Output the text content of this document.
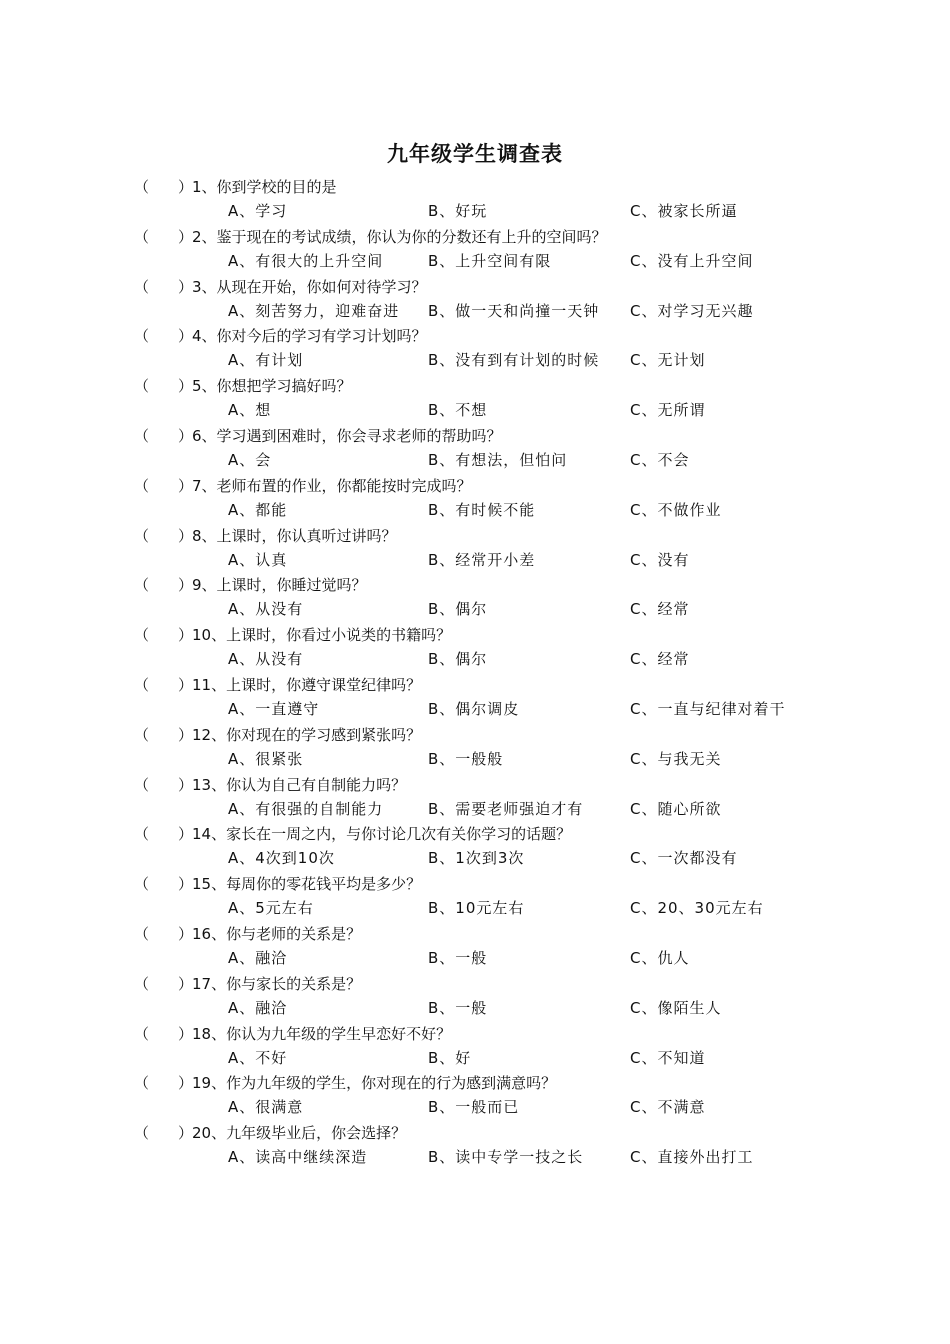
九年级学生调查表
（ ）
1、你到学校的目的是
A、学习	B、好玩	C、被家长所逼
（ ）
2、鉴于现在的考试成绩，你认为你的分数还有上升的空间吗？
A、有很大的上升空间	B、上升空间有限	C、没有上升空间
（ ）
3、从现在开始，你如何对待学习？
A、刻苦努力，迎难奋进 B、做一天和尚撞一天钟 C、对学习无兴趣
（ ）
4、你对今后的学习有学习计划吗？
A、有计划	B、没有到有计划的时候 C、无计划
（ ）
5、你想把学习搞好吗？
A、想	B、不想	C、无所谓
（ ）
6、学习遇到困难时，你会寻求老师的帮助吗？
A、会	B、有想法，但怕问	C、不会
（ ）
7、老师布置的作业，你都能按时完成吗？
A、都能	B、有时候不能	C、不做作业
（ ）
8、上课时，你认真听过讲吗？
A、认真	B、经常开小差	C、没有
（ ）
9、上课时，你睡过觉吗？
A、从没有	B、偶尔	C、经常
（ ）
10、上课时，你看过小说类的书籍吗？
A、从没有	B、偶尔	C、经常
（ ）
11、上课时，你遵守课堂纪律吗？
A、一直遵守	B、偶尔调皮	C、一直与纪律对着干
（ ）
12、你对现在的学习感到紧张吗？
A、很紧张	B、一般般	C、与我无关
（ ）
13、你认为自己有自制能力吗？
A、有很强的自制能力	B、需要老师强迫才有	C、随心所欲
（ ）
14、家长在一周之内，与你讨论几次有关你学习的话题？
A、4次到10次	B、1次到3次	C、一次都没有
（ ）
15、每周你的零花钱平均是多少？
A、5元左右	B、10元左右	C、20、30元左右
（ ）
16、你与老师的关系是？
A、融洽	B、一般	C、仇人
（ ）
17、你与家长的关系是？
A、融洽	B、一般	C、像陌生人
（ ）
18、你认为九年级的学生早恋好不好？
A、不好	B、好	C、不知道
（ ）
19、作为九年级的学生，你对现在的行为感到满意吗？
A、很满意	B、一般而已	C、不满意
（ ）
20、九年级毕业后，你会选择？
A、读高中继续深造	B、读中专学一技之长	C、直接外出打工
